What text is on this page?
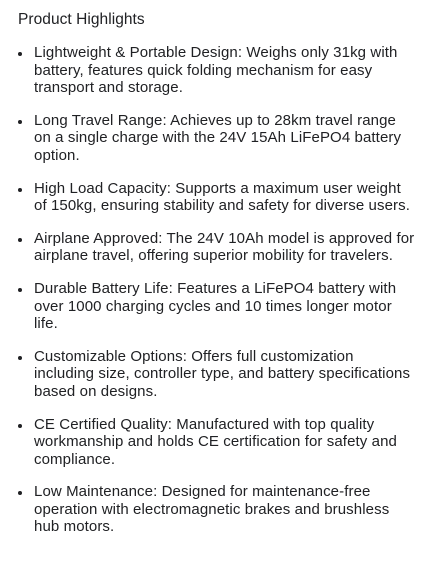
Product Highlights
Lightweight & Portable Design: Weighs only 31kg with battery, features quick folding mechanism for easy transport and storage.
Long Travel Range: Achieves up to 28km travel range on a single charge with the 24V 15Ah LiFePO4 battery option.
High Load Capacity: Supports a maximum user weight of 150kg, ensuring stability and safety for diverse users.
Airplane Approved: The 24V 10Ah model is approved for airplane travel, offering superior mobility for travelers.
Durable Battery Life: Features a LiFePO4 battery with over 1000 charging cycles and 10 times longer motor life.
Customizable Options: Offers full customization including size, controller type, and battery specifications based on designs.
CE Certified Quality: Manufactured with top quality workmanship and holds CE certification for safety and compliance.
Low Maintenance: Designed for maintenance-free operation with electromagnetic brakes and brushless hub motors.
